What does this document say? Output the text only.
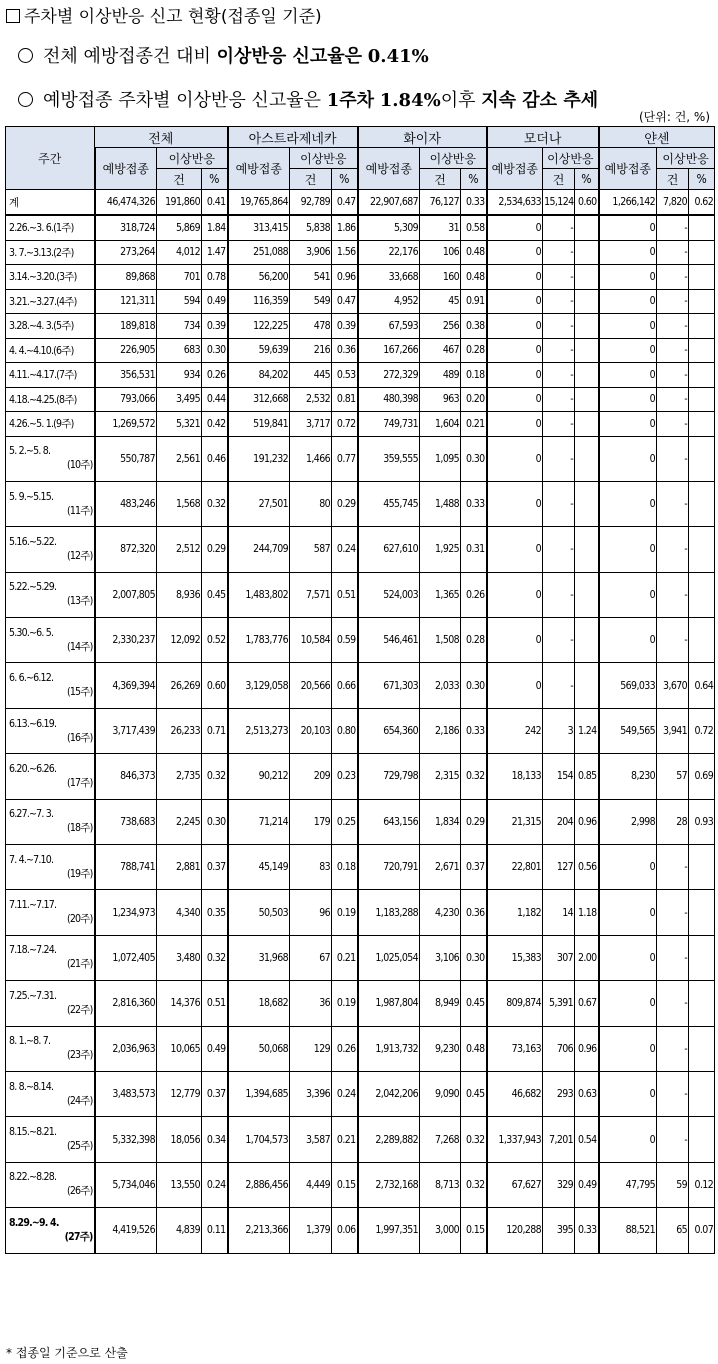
주차별 이상반응 신고 현황(접종일 기준)
전체 예방접종건 대비 이상반응 신고율은 0.41%
예방접종 주차별 이상반응 신고율은 1주차 1.84%이후 지속 감소 추세
(단위: 건, %)
주간	전체			아스트라제네카			화이자			모더나			얀센		
	예방접종	이상반응		예방접종	이상반응		예방접종	이상반응		예방접종	이상반응		예방접종	이상반응	
		건	%		건	%		건	%		건	%		건	%
계	46,474,326	191,860	0.41	19,765,864	92,789	0.47	22,907,687	76,127	0.33	2,534,633	15,124	0.60	1,266,142	7,820	0.62
2.26.~3. 6.(1주)	318,724	5,869	1.84	313,415	5,838	1.86	5,309	31	0.58	0	-		0	-	
3. 7.~3.13.(2주)	273,264	4,012	1.47	251,088	3,906	1.56	22,176	106	0.48	0	-		0	-	
3.14.~3.20.(3주)	89,868	701	0.78	56,200	541	0.96	33,668	160	0.48	0	-		0	-	
3.21.~3.27.(4주)	121,311	594	0.49	116,359	549	0.47	4,952	45	0.91	0	-		0	-	
3.28.~4. 3.(5주)	189,818	734	0.39	122,225	478	0.39	67,593	256	0.38	0	-		0	-	
4. 4.~4.10.(6주)	226,905	683	0.30	59,639	216	0.36	167,266	467	0.28	0	-		0	-	
4.11.~4.17.(7주)	356,531	934	0.26	84,202	445	0.53	272,329	489	0.18	0	-		0	-	
4.18.~4.25.(8주)	793,066	3,495	0.44	312,668	2,532	0.81	480,398	963	0.20	0	-		0	-	
4.26.~5. 1.(9주)	1,269,572	5,321	0.42	519,841	3,717	0.72	749,731	1,604	0.21	0	-		0	-	
5. 2.~5. 8.
(10주)	550,787	2,561	0.46	191,232	1,466	0.77	359,555	1,095	0.30	0	-		0	-	
5. 9.~5.15.
(11주)	483,246	1,568	0.32	27,501	80	0.29	455,745	1,488	0.33	0	-		0	-	
5.16.~5.22.
(12주)	872,320	2,512	0.29	244,709	587	0.24	627,610	1,925	0.31	0	-		0	-	
5.22.~5.29.
(13주)	2,007,805	8,936	0.45	1,483,802	7,571	0.51	524,003	1,365	0.26	0	-		0	-	
5.30.~6. 5.
(14주)	2,330,237	12,092	0.52	1,783,776	10,584	0.59	546,461	1,508	0.28	0	-		0	-	
6. 6.~6.12.
(15주)	4,369,394	26,269	0.60	3,129,058	20,566	0.66	671,303	2,033	0.30	0	-		569,033	3,670	0.64
6.13.~6.19.
(16주)	3,717,439	26,233	0.71	2,513,273	20,103	0.80	654,360	2,186	0.33	242	3	1.24	549,565	3,941	0.72
6.20.~6.26.
(17주)	846,373	2,735	0.32	90,212	209	0.23	729,798	2,315	0.32	18,133	154	0.85	8,230	57	0.69
6.27.~7. 3.
(18주)	738,683	2,245	0.30	71,214	179	0.25	643,156	1,834	0.29	21,315	204	0.96	2,998	28	0.93
7. 4.~7.10.
(19주)	788,741	2,881	0.37	45,149	83	0.18	720,791	2,671	0.37	22,801	127	0.56	0	-	
7.11.~7.17.
(20주)	1,234,973	4,340	0.35	50,503	96	0.19	1,183,288	4,230	0.36	1,182	14	1.18	0	-	
7.18.~7.24.
(21주)	1,072,405	3,480	0.32	31,968	67	0.21	1,025,054	3,106	0.30	15,383	307	2.00	0	-	
7.25.~7.31.
(22주)	2,816,360	14,376	0.51	18,682	36	0.19	1,987,804	8,949	0.45	809,874	5,391	0.67	0	-	
8. 1.~8. 7.
(23주)	2,036,963	10,065	0.49	50,068	129	0.26	1,913,732	9,230	0.48	73,163	706	0.96	0	-	
8. 8.~8.14.
(24주)	3,483,573	12,779	0.37	1,394,685	3,396	0.24	2,042,206	9,090	0.45	46,682	293	0.63	0	-	
8.15.~8.21.
(25주)	5,332,398	18,056	0.34	1,704,573	3,587	0.21	2,289,882	7,268	0.32	1,337,943	7,201	0.54	0	-	
8.22.~8.28.
(26주)	5,734,046	13,550	0.24	2,886,456	4,449	0.15	2,732,168	8,713	0.32	67,627	329	0.49	47,795	59	0.12
8.29.~9. 4.
(27주)	4,419,526	4,839	0.11	2,213,366	1,379	0.06	1,997,351	3,000	0.15	120,288	395	0.33	88,521	65	0.07
* 접종일 기준으로 산출
